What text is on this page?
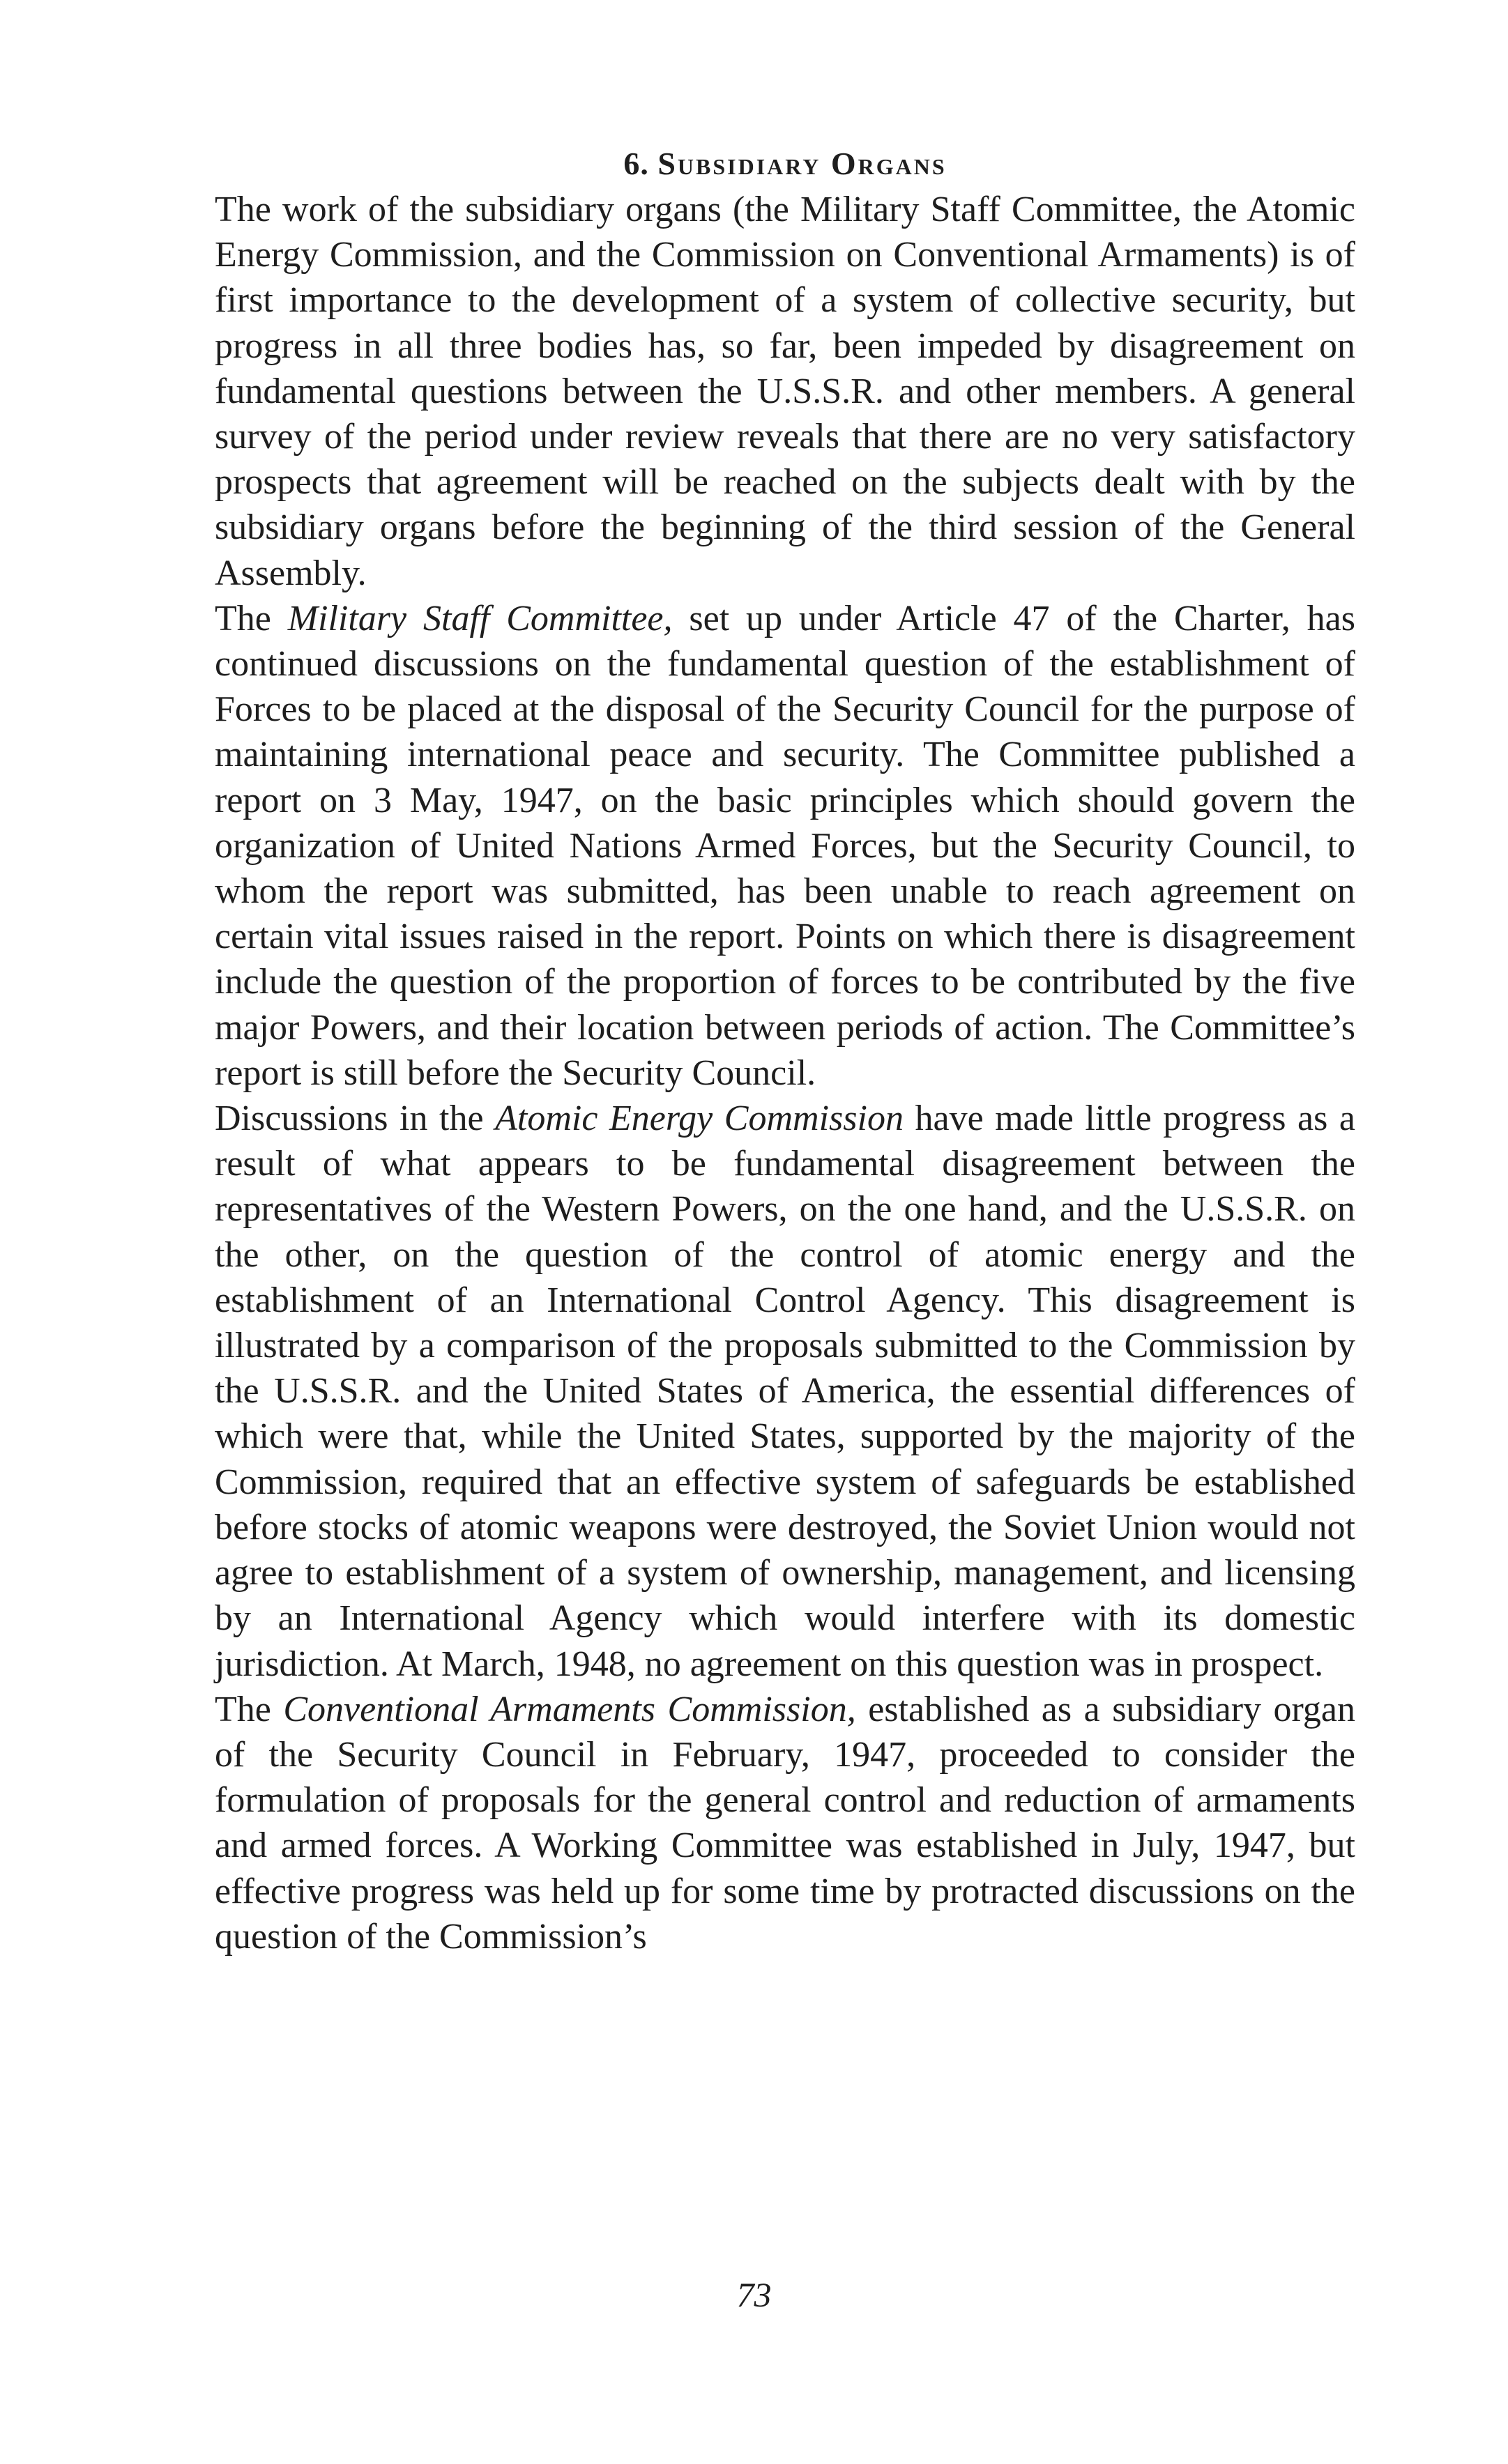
6. Subsidiary Organs

The work of the subsidiary organs (the Military Staff Committee, the Atomic Energy Commission, and the Commission on Conventional Armaments) is of first importance to the development of a system of collective security, but progress in all three bodies has, so far, been impeded by disagreement on fundamental questions between the U.S.S.R. and other members. A general survey of the period under review reveals that there are no very satisfactory prospects that agreement will be reached on the subjects dealt with by the subsidiary organs before the beginning of the third session of the General Assembly.

The Military Staff Committee, set up under Article 47 of the Charter, has continued discussions on the fundamental question of the establishment of Forces to be placed at the disposal of the Security Council for the purpose of maintaining international peace and security. The Committee published a report on 3 May, 1947, on the basic principles which should govern the organization of United Nations Armed Forces, but the Security Council, to whom the report was submitted, has been unable to reach agreement on certain vital issues raised in the report. Points on which there is disagreement include the question of the proportion of forces to be contributed by the five major Powers, and their location between periods of action. The Committee’s report is still before the Security Council.

Discussions in the Atomic Energy Commission have made little progress as a result of what appears to be fundamental disagreement between the representatives of the Western Powers, on the one hand, and the U.S.S.R. on the other, on the question of the control of atomic energy and the establishment of an International Control Agency. This disagreement is illustrated by a comparison of the proposals submitted to the Commission by the U.S.S.R. and the United States of America, the essential differences of which were that, while the United States, supported by the majority of the Commission, required that an effective system of safeguards be established before stocks of atomic weapons were destroyed, the Soviet Union would not agree to establishment of a system of ownership, management, and licensing by an International Agency which would interfere with its domestic jurisdiction. At March, 1948, no agreement on this question was in prospect.

The Conventional Armaments Commission, established as a subsidiary organ of the Security Council in February, 1947, proceeded to consider the formulation of proposals for the general control and reduction of armaments and armed forces. A Working Committee was established in July, 1947, but effective progress was held up for some time by protracted discussions on the question of the Commission’s

73
